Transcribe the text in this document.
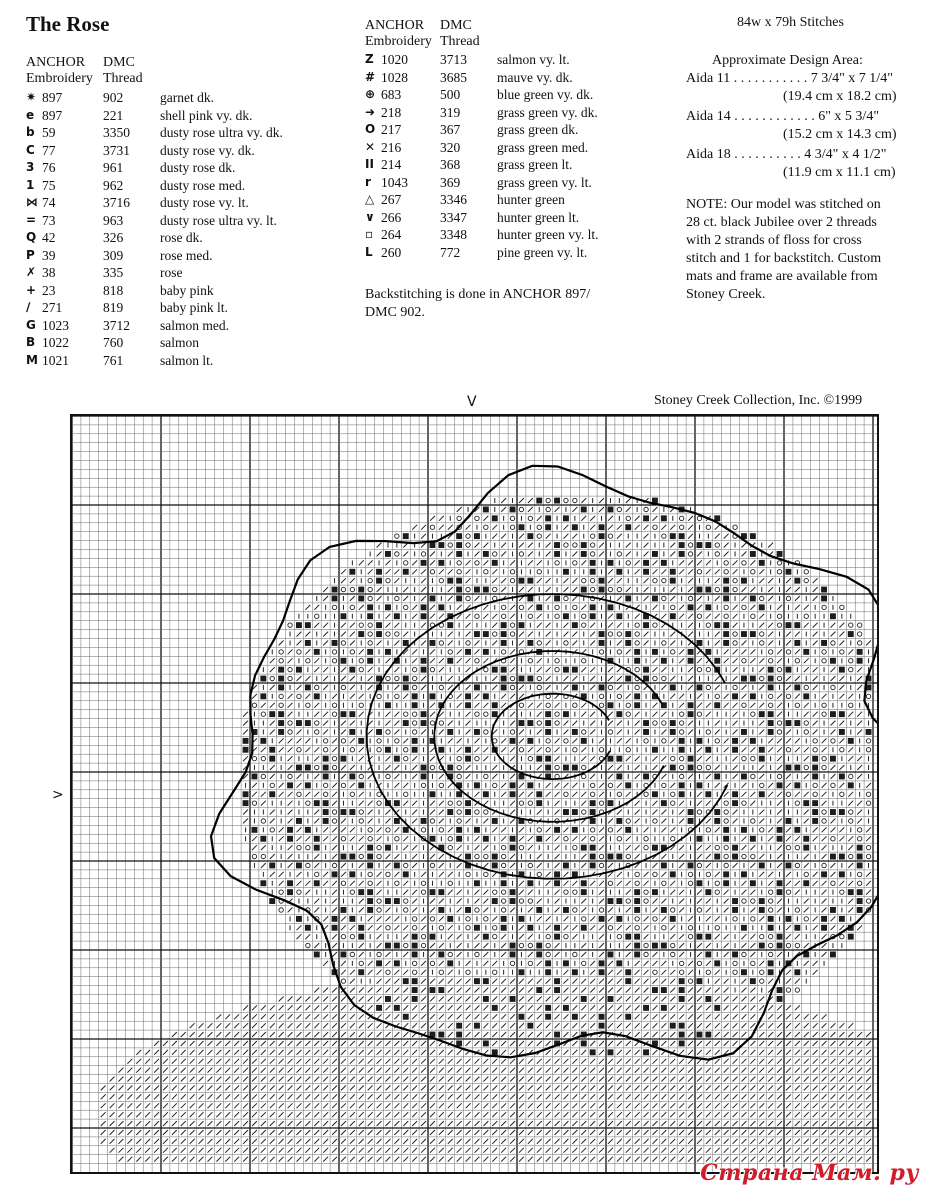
The Rose
ANCHOR DMC
Embroidery Thread
✷ 897	902	garnet dk.
e 897	221	shell pink vy. dk.
b 59	3350 dusty rose ultra vy. dk.
C 77	3731 dusty rose vy. dk.
3 76	961	dusty rose dk.
1 75	962	dusty rose med.
⋈ 74	3716 dusty rose vy. lt.
= 73	963	dusty rose ultra vy. lt.
Q 42	326	rose dk.
P 39	309	rose med.
✗ 38	335	rose
+ 23	818	baby pink
∕ 271	819	baby pink lt.
G 1023	3712 salmon med.
B 1022	760	salmon
M 1021	761	salmon lt.
ANCHOR DMC
Embroidery Thread
Z 1020 3713 salmon vy. lt.
# 1028 3685 mauve vy. dk.
⊕ 683	500	blue green vy. dk.
➜ 218	319	grass green vy. dk.
O 217	367	grass green dk.
✕ 216	320	grass green med.
II 214	368	grass green lt.
r 1043 369	grass green vy. lt.
△ 267	3346 hunter green
∨ 266	3347 hunter green lt.
▫ 264	3348 hunter green vy. lt.
L 260	772	pine green vy. lt.
Backstitching is done in ANCHOR 897/
DMC 902.
84w x 79h Stitches
Approximate Design Area:
Aida 11 . . . . . . . . . . . 7 3/4" x 7 1/4"
(19.4 cm x 18.2 cm)
Aida 14 . . . . . . . . . . . . 6" x 5 3/4"
(15.2 cm x 14.3 cm)
Aida 18 . . . . . . . . . . 4 3/4" x 4 1/2"
(11.9 cm x 11.1 cm)
NOTE: Our model was stitched on
28 ct. black Jubilee over 2 threads
with 2 strands of floss for cross
stitch and 1 for backstitch. Custom
mats and frame are available from
Stoney Creek.
Stoney Creek Collection, Inc. ©1999
V
>
Страна Мам. ру
